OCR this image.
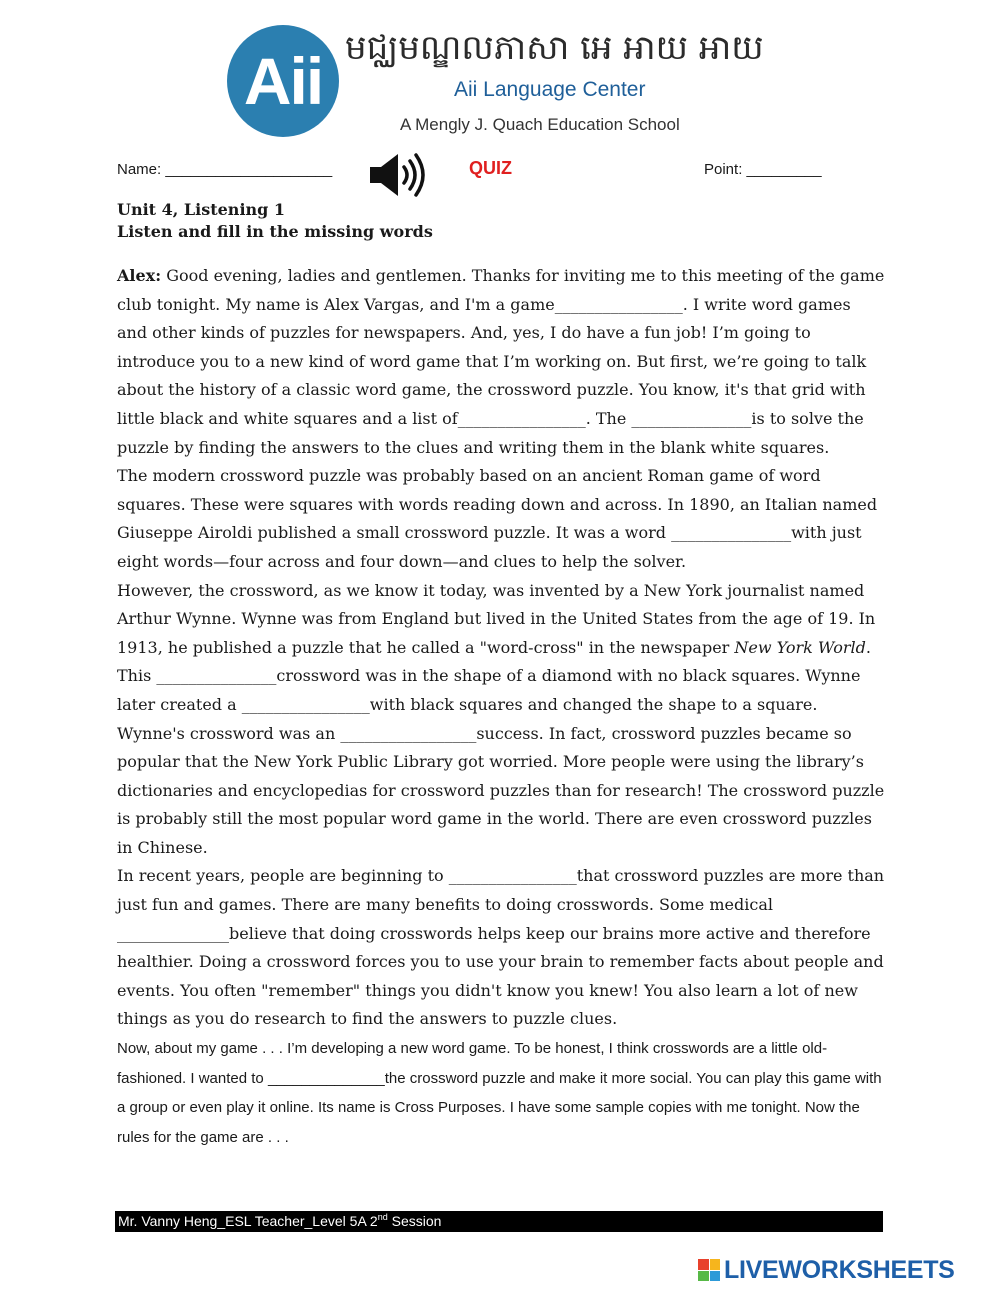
Aii មជ្ឈមណ្ឌលភាសា អេ អាយ អាយ
Aii Language Center
A Mengly J. Quach Education School
Name: ____________________	QUIZ	Point: _________
Unit 4, Listening 1
Listen and fill in the missing words

Alex: Good evening, ladies and gentlemen. Thanks for inviting me to this meeting of the game club tonight. My name is Alex Vargas, and I'm a game________________. I write word games and other kinds of puzzles for newspapers. And, yes, I do have a fun job! I’m going to introduce you to a new kind of word game that I’m working on. But first, we’re going to talk about the history of a classic word game, the crossword puzzle. You know, it's that grid with little black and white squares and a list of________________. The _______________is to solve the puzzle by finding the answers to the clues and writing them in the blank white squares.

The modern crossword puzzle was probably based on an ancient Roman game of word squares. These were squares with words reading down and across. In 1890, an Italian named Giuseppe Airoldi published a small crossword puzzle. It was a word _______________with just eight words—four across and four down—and clues to help the solver.

However, the crossword, as we know it today, was invented by a New York journalist named Arthur Wynne. Wynne was from England but lived in the United States from the age of 19. In 1913, he published a puzzle that he called a "word-cross" in the newspaper New York World. This _______________crossword was in the shape of a diamond with no black squares. Wynne later created a ________________with black squares and changed the shape to a square.

Wynne's crossword was an _________________success. In fact, crossword puzzles became so popular that the New York Public Library got worried. More people were using the library’s dictionaries and encyclopedias for crossword puzzles than for research! The crossword puzzle is probably still the most popular word game in the world. There are even crossword puzzles in Chinese.

In recent years, people are beginning to ________________that crossword puzzles are more than just fun and games. There are many benefits to doing crosswords. Some medical ______________believe that doing crosswords helps keep our brains more active and therefore healthier. Doing a crossword forces you to use your brain to remember facts about people and events. You often "remember" things you didn't know you knew! You also learn a lot of new things as you do research to find the answers to puzzle clues.

Now, about my game . . . I’m developing a new word game. To be honest, I think crosswords are a little old-fashioned. I wanted to ______________the crossword puzzle and make it more social. You can play this game with a group or even play it online. Its name is Cross Purposes. I have some sample copies with me tonight. Now the rules for the game are . . .

Mr. Vanny Heng_ESL Teacher_Level 5A 2nd Session
LIVEWORKSHEETS
